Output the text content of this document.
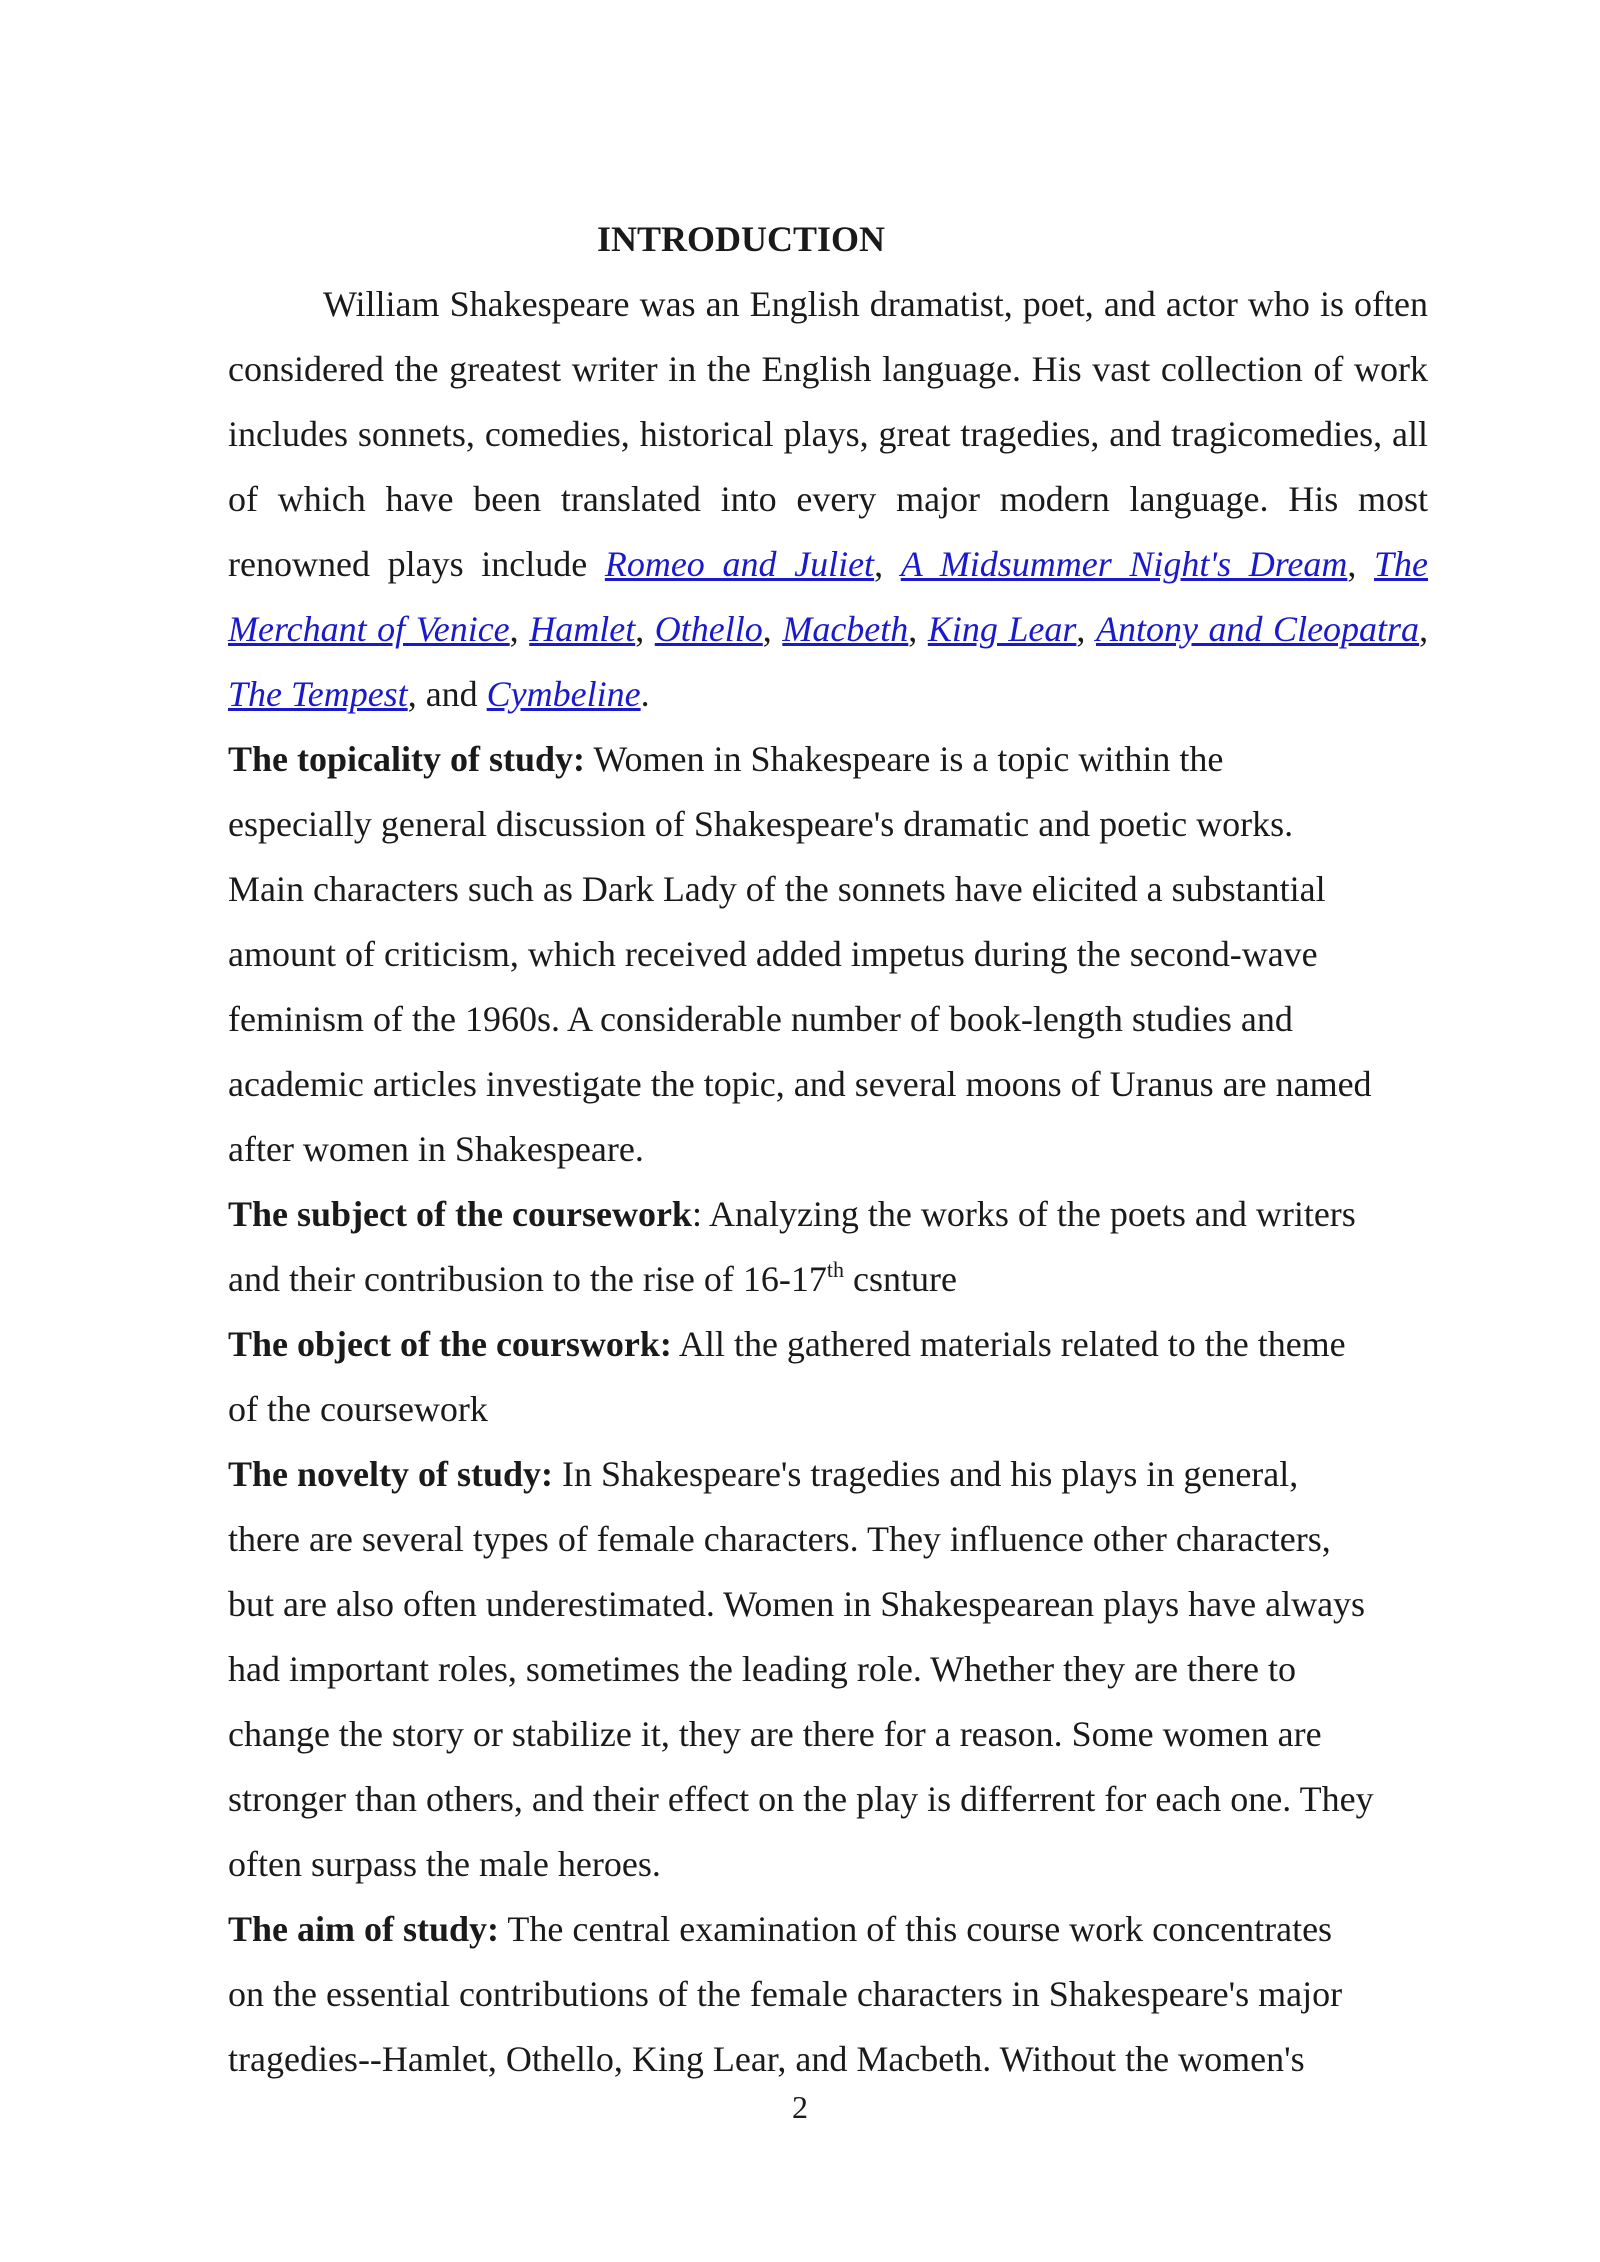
INTRODUCTION

William Shakespeare was an English dramatist, poet, and actor who is often considered the greatest writer in the English language. His vast collection of work includes sonnets, comedies, historical plays, great tragedies, and tragicomedies, all of which have been translated into every major modern language. His most renowned plays include Romeo and Juliet, A Midsummer Night's Dream, The Merchant of Venice, Hamlet, Othello, Macbeth, King Lear, Antony and Cleopatra, The Tempest, and Cymbeline.

The topicality of study: Women in Shakespeare is a topic within the
especially general discussion of Shakespeare's dramatic and poetic works.
Main characters such as Dark Lady of the sonnets have elicited a substantial
amount of criticism, which received added impetus during the second-wave
feminism of the 1960s. A considerable number of book-length studies and
academic articles investigate the topic, and several moons of Uranus are named
after women in Shakespeare.
The subject of the coursework: Analyzing the works of the poets and writers
and their contribusion to the rise of 16-17th csnture
The object of the courswork: All the gathered materials related to the theme
of the coursework
The novelty of study: In Shakespeare's tragedies and his plays in general,
there are several types of female characters. They influence other characters,
but are also often underestimated. Women in Shakespearean plays have always
had important roles, sometimes the leading role. Whether they are there to
change the story or stabilize it, they are there for a reason. Some women are
stronger than others, and their effect on the play is differrent for each one. They
often surpass the male heroes.
The aim of study: The central examination of this course work concentrates
on the essential contributions of the female characters in Shakespeare's major
tragedies--Hamlet, Othello, King Lear, and Macbeth. Without the women's
2
